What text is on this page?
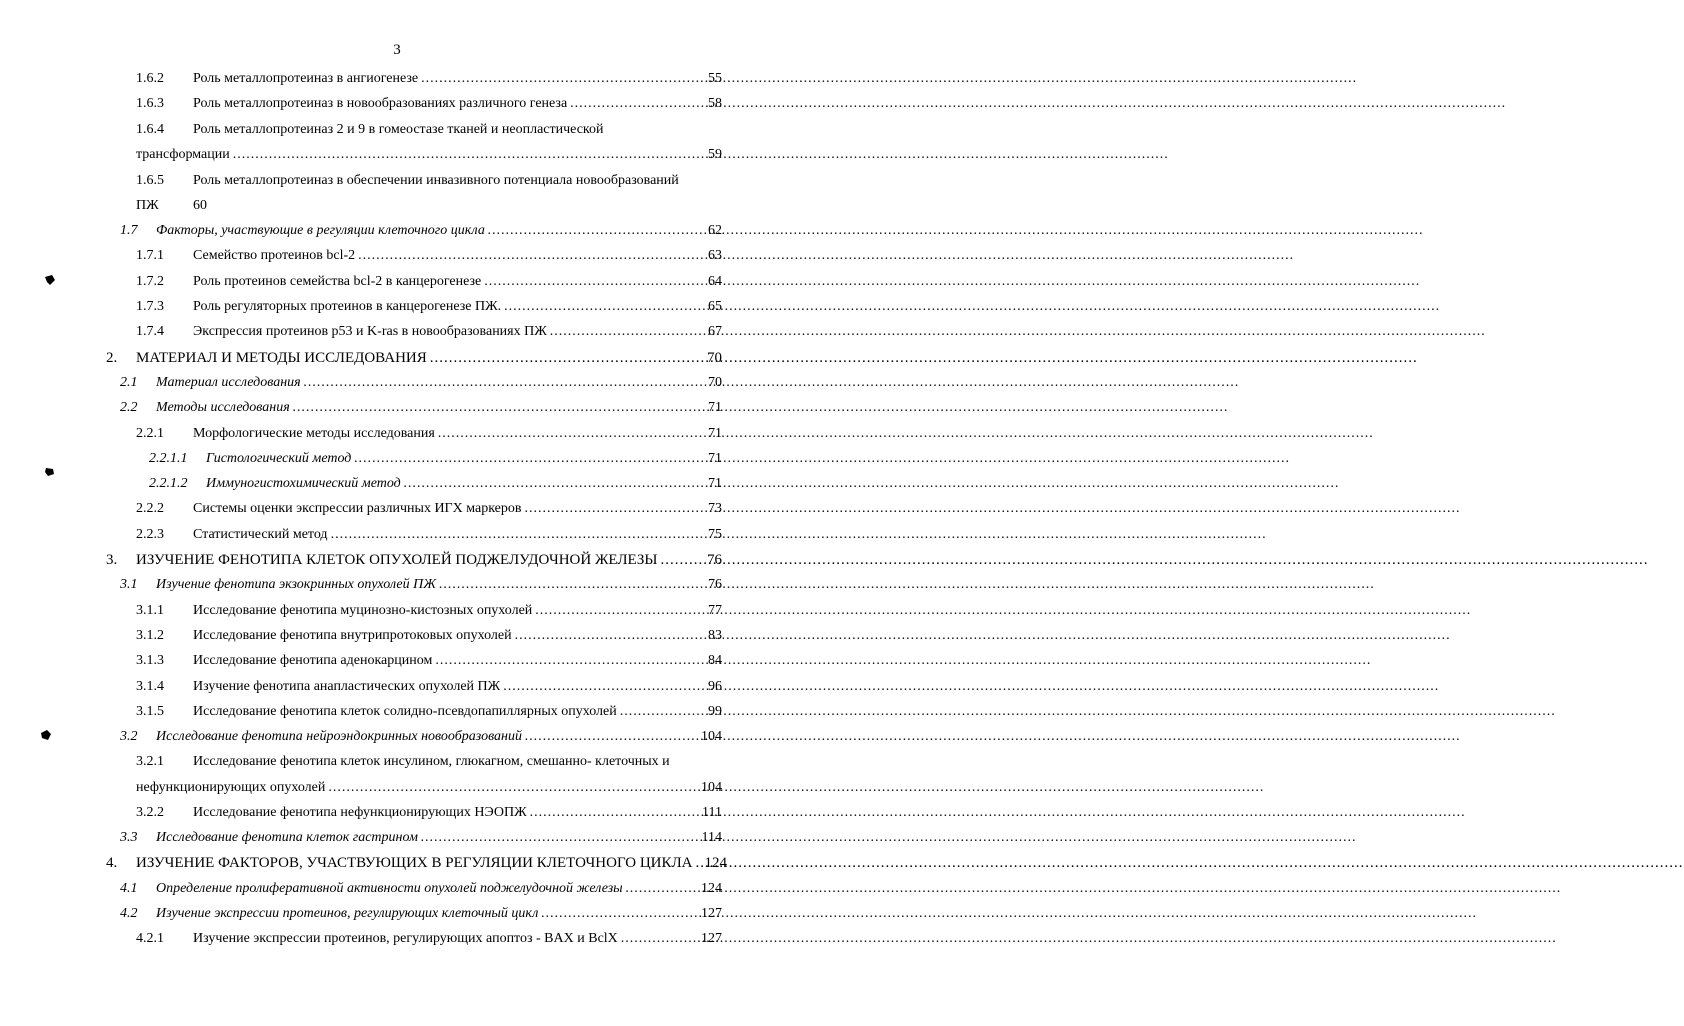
3
1.6.2 Роль металлопротеиназ в ангиогенезе .....	55
1.6.3 Роль металлопротеиназ в новообразованиях различного генеза .....	58
1.6.4 Роль металлопротеиназ 2 и 9 в гомеостазе тканей и неопластической
трансформации .....	59
1.6.5 Роль металлопротеиназ в обеспечении инвазивного потенциала новообразований
ПЖ 60
1.7 Факторы, участвующие в регуляции клеточного цикла .....	62
1.7.1 Семейство протеинов bcl-2 .....	63
1.7.2 Роль протеинов семейства bcl-2 в канцерогенезе .....	64
1.7.3 Роль регуляторных протеинов в канцерогенезе ПЖ. .....	65
1.7.4 Экспрессия протеинов p53 и K-ras в новообразованиях ПЖ .....	67
2. МАТЕРИАЛ И МЕТОДЫ ИССЛЕДОВАНИЯ .....	70
2.1 Материал исследования .....	70
2.2 Методы исследования .....	71
2.2.1 Морфологические методы исследования .....	71
2.2.1.1 Гистологический метод .....	71
2.2.1.2 Иммуногистохимический метод .....	71
2.2.2 Системы оценки экспрессии различных ИГХ маркеров .....	73
2.2.3 Статистический метод .....	75
3. ИЗУЧЕНИЕ ФЕНОТИПА КЛЕТОК ОПУХОЛЕЙ ПОДЖЕЛУДОЧНОЙ ЖЕЛЕЗЫ .....	76
3.1 Изучение фенотипа экзокринных опухолей ПЖ .....	76
3.1.1 Исследование фенотипа муцинозно-кистозных опухолей .....	77
3.1.2 Исследование фенотипа внутрипротоковых опухолей .....	83
3.1.3 Исследование фенотипа аденокарцином .....	84
3.1.4 Изучение фенотипа анапластических опухолей ПЖ .....	96
3.1.5 Исследование фенотипа клеток солидно-псевдопапиллярных опухолей .....	99
3.2 Исследование фенотипа нейроэндокринных новообразований .....	104
3.2.1 Исследование фенотипа клеток инсулином, глюкагном, смешанно- клеточных и
нефункционирующих опухолей .....	104
3.2.2 Исследование фенотипа нефункционирующих НЭОПЖ .....	111
3.3 Исследование фенотипа клеток гастрином .....	114
4. ИЗУЧЕНИЕ ФАКТОРОВ, УЧАСТВУЮЩИХ В РЕГУЛЯЦИИ КЛЕТОЧНОГО ЦИКЛА ..... 124
4.1 Определение пролиферативной активности опухолей поджелудочной железы .....	124
4.2 Изучение экспрессии протеинов, регулирующих клеточный цикл .....	127
4.2.1 Изучение экспрессии протеинов, регулирующих апоптоз - BAX и BclX .....	127
